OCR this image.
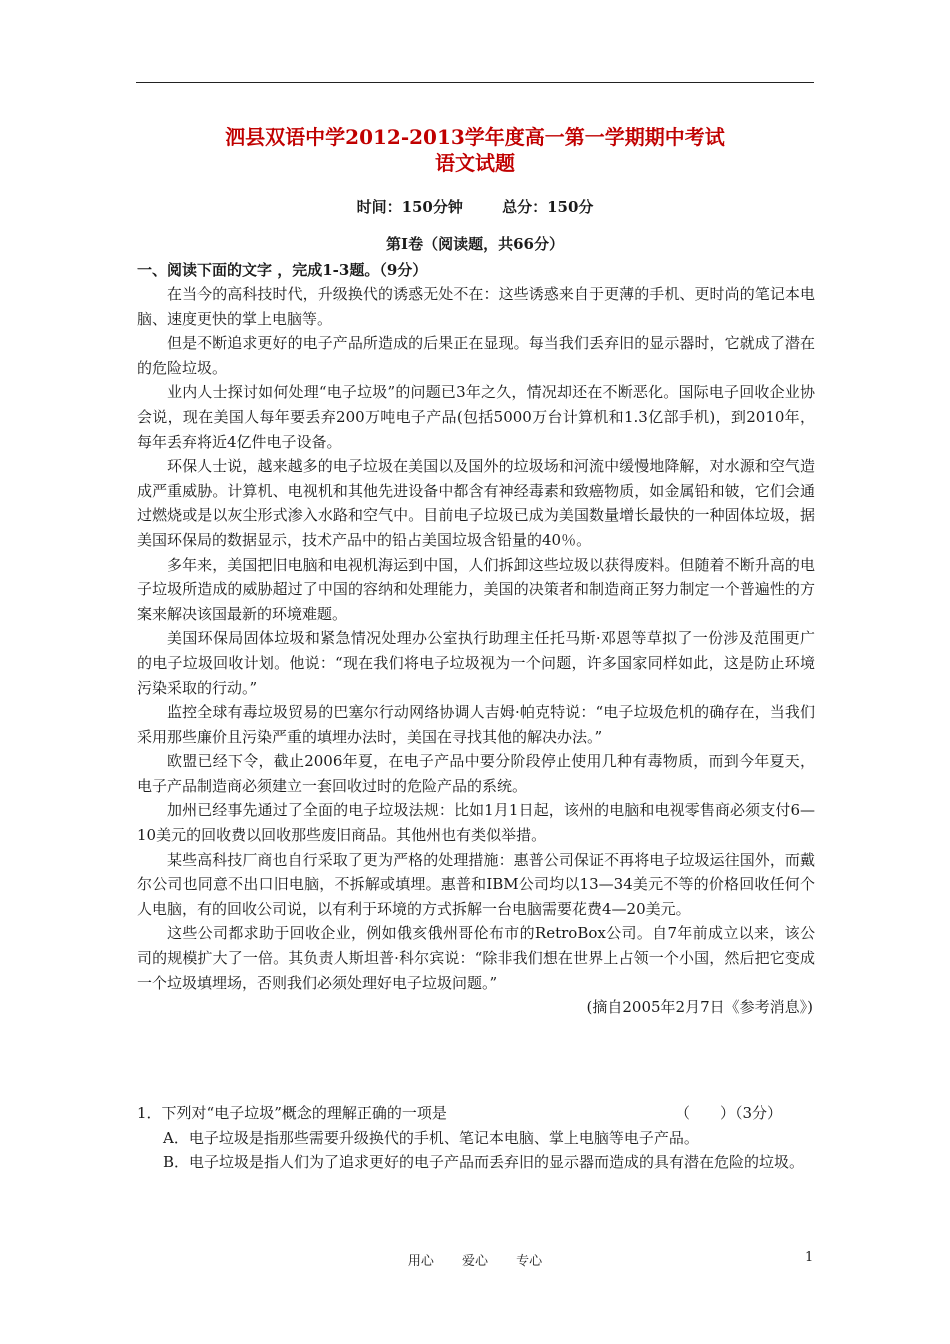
泗县双语中学2012-2013学年度高一第一学期期中考试
语文试题
时间：150分钟	总分：150分
第Ⅰ卷（阅读题，共66分）
一、阅读下面的文字 ，完成1-3题。（9分）

在当今的高科技时代，升级换代的诱惑无处不在：这些诱惑来自于更薄的手机、更时尚的笔记本电脑、速度更快的掌上电脑等。

但是不断追求更好的电子产品所造成的后果正在显现。每当我们丢弃旧的显示器时，它就成了潜在的危险垃圾。

业内人士探讨如何处理“电子垃圾”的问题已3年之久，情况却还在不断恶化。国际电子回收企业协会说，现在美国人每年要丢弃200万吨电子产品(包括5000万台计算机和1.3亿部手机)，到2010年，每年丢弃将近4亿件电子设备。

环保人士说，越来越多的电子垃圾在美国以及国外的垃圾场和河流中缓慢地降解，对水源和空气造成严重威胁。计算机、电视机和其他先进设备中都含有神经毒素和致癌物质，如金属铅和铍，它们会通过燃烧或是以灰尘形式渗入水路和空气中。目前电子垃圾已成为美国数量增长最快的一种固体垃圾，据美国环保局的数据显示，技术产品中的铅占美国垃圾含铅量的40％。

多年来，美国把旧电脑和电视机海运到中国，人们拆卸这些垃圾以获得废料。但随着不断升高的电子垃圾所造成的威胁超过了中国的容纳和处理能力，美国的决策者和制造商正努力制定一个普遍性的方案来解决该国最新的环境难题。

美国环保局固体垃圾和紧急情况处理办公室执行助理主任托马斯·邓恩等草拟了一份涉及范围更广的电子垃圾回收计划。他说：“现在我们将电子垃圾视为一个问题，许多国家同样如此，这是防止环境污染采取的行动。”

监控全球有毒垃圾贸易的巴塞尔行动网络协调人吉姆·帕克特说：“电子垃圾危机的确存在，当我们采用那些廉价且污染严重的填埋办法时，美国在寻找其他的解决办法。”

欧盟已经下令，截止2006年夏，在电子产品中要分阶段停止使用几种有毒物质，而到今年夏天，电子产品制造商必须建立一套回收过时的危险产品的系统。

加州已经事先通过了全面的电子垃圾法规：比如1月1日起，该州的电脑和电视零售商必须支付6—10美元的回收费以回收那些废旧商品。其他州也有类似举措。

某些高科技厂商也自行采取了更为严格的处理措施：惠普公司保证不再将电子垃圾运往国外，而戴尔公司也同意不出口旧电脑，不拆解或填埋。惠普和IBM公司均以13—34美元不等的价格回收任何个人电脑，有的回收公司说，以有利于环境的方式拆解一台电脑需要花费4—20美元。

这些公司都求助于回收企业，例如俄亥俄州哥伦布市的RetroBox公司。自7年前成立以来，该公司的规模扩大了一倍。其负责人斯坦普·科尔宾说：“除非我们想在世界上占领一个小国，然后把它变成一个垃圾填埋场，否则我们必须处理好电子垃圾问题。”

(摘自2005年2月7日《参考消息》)

1．下列对“电子垃圾”概念的理解正确的一项是	（　　）（3分）
A．电子垃圾是指那些需要升级换代的手机、笔记本电脑、掌上电脑等电子产品。
B．电子垃圾是指人们为了追求更好的电子产品而丢弃旧的显示器而造成的具有潜在危险的垃圾。
用心 爱心 专心	1
